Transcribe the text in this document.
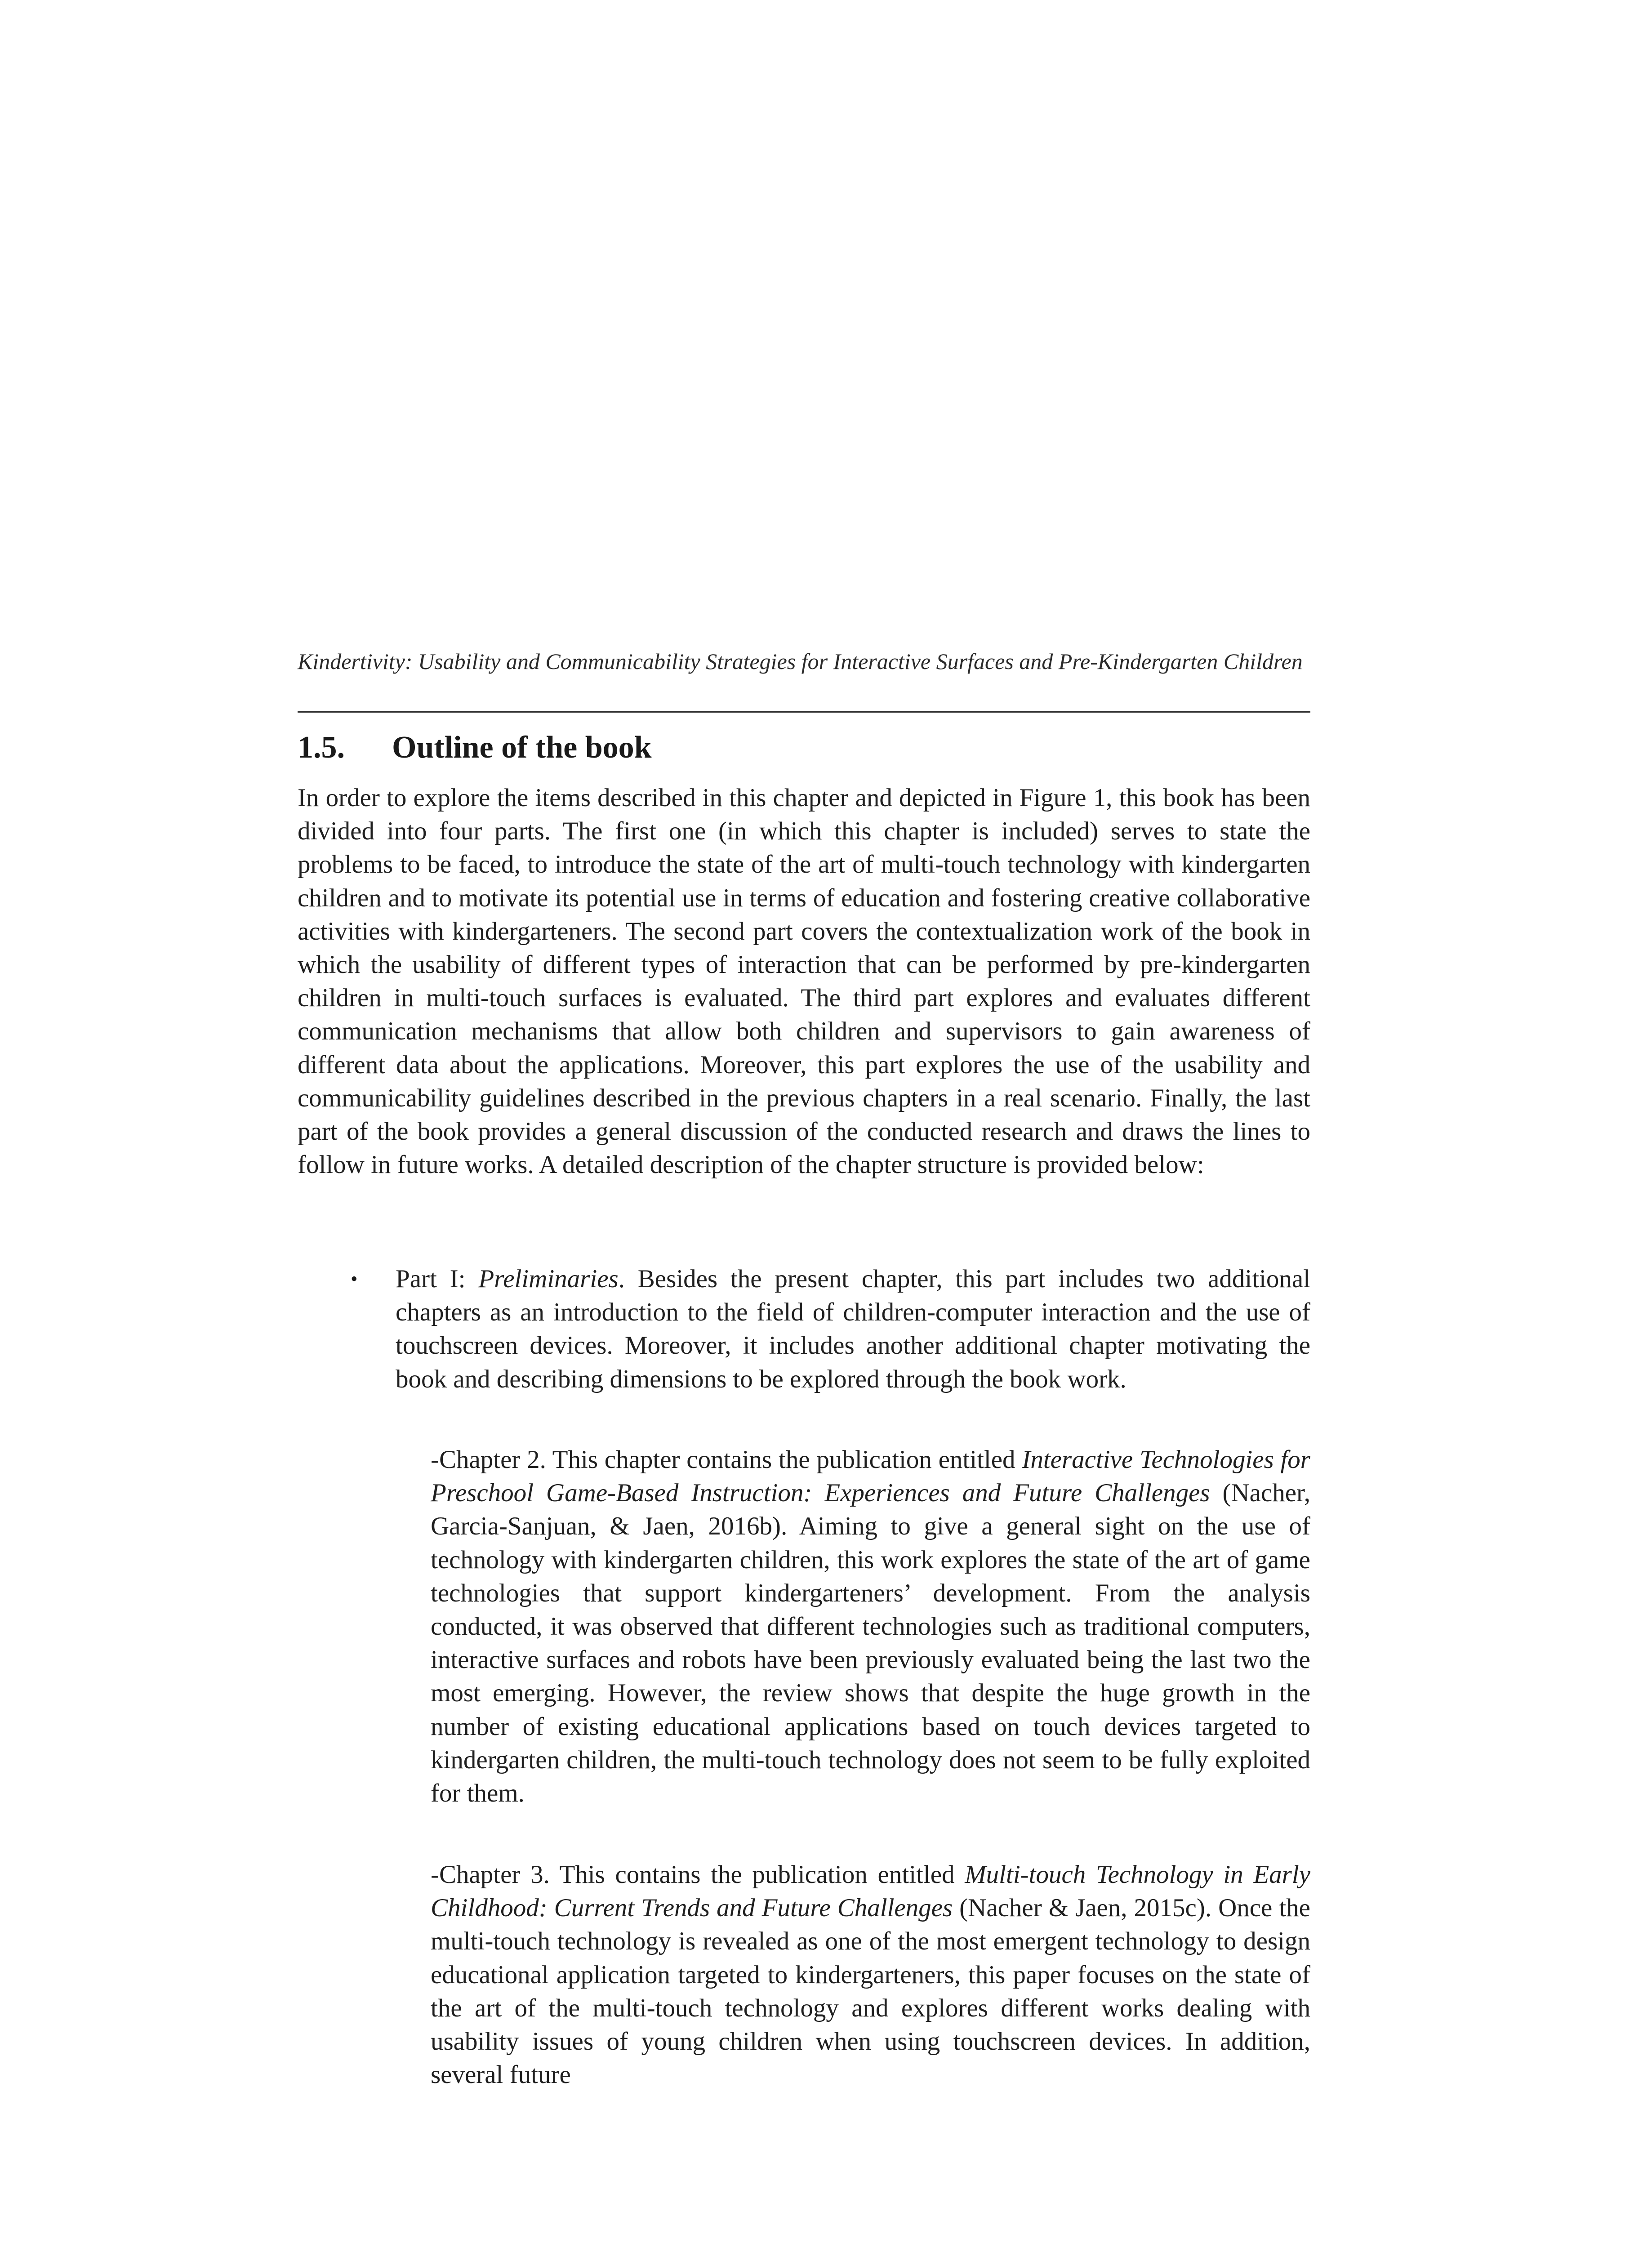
Kindertivity: Usability and Communicability Strategies for Interactive Surfaces and Pre-Kindergarten Children
1.5. Outline of the book

In order to explore the items described in this chapter and depicted in Figure 1, this book has been divided into four parts. The first one (in which this chapter is included) serves to state the problems to be faced, to introduce the state of the art of multi-touch technology with kindergarten children and to motivate its potential use in terms of education and fostering creative collaborative activities with kindergarteners. The second part covers the contextualization work of the book in which the usability of different types of interaction that can be performed by pre-kindergarten children in multi-touch surfaces is evaluated. The third part explores and evaluates different communication mechanisms that allow both children and supervisors to gain awareness of different data about the applications. Moreover, this part explores the use of the usability and communicability guidelines described in the previous chapters in a real scenario. Finally, the last part of the book provides a general discussion of the conducted research and draws the lines to follow in future works. A detailed description of the chapter structure is provided below:

• Part I: Preliminaries. Besides the present chapter, this part includes two additional chapters as an introduction to the field of children-computer interaction and the use of touchscreen devices. Moreover, it includes another additional chapter motivating the book and describing dimensions to be explored through the book work.

-Chapter 2. This chapter contains the publication entitled Interactive Technologies for Preschool Game-Based Instruction: Experiences and Future Challenges (Nacher, Garcia-Sanjuan, & Jaen, 2016b). Aiming to give a general sight on the use of technology with kindergarten children, this work explores the state of the art of game technologies that support kindergarteners’ development. From the analysis conducted, it was observed that different technologies such as traditional computers, interactive surfaces and robots have been previously evaluated being the last two the most emerging. However, the review shows that despite the huge growth in the number of existing educational applications based on touch devices targeted to kindergarten children, the multi-touch technology does not seem to be fully exploited for them.

-Chapter 3. This contains the publication entitled Multi-touch Technology in Early Childhood: Current Trends and Future Challenges (Nacher & Jaen, 2015c). Once the multi-touch technology is revealed as one of the most emergent technology to design educational application targeted to kindergarteners, this paper focuses on the state of the art of the multi-touch technology and explores different works dealing with usability issues of young children when using touchscreen devices. In addition, several future
